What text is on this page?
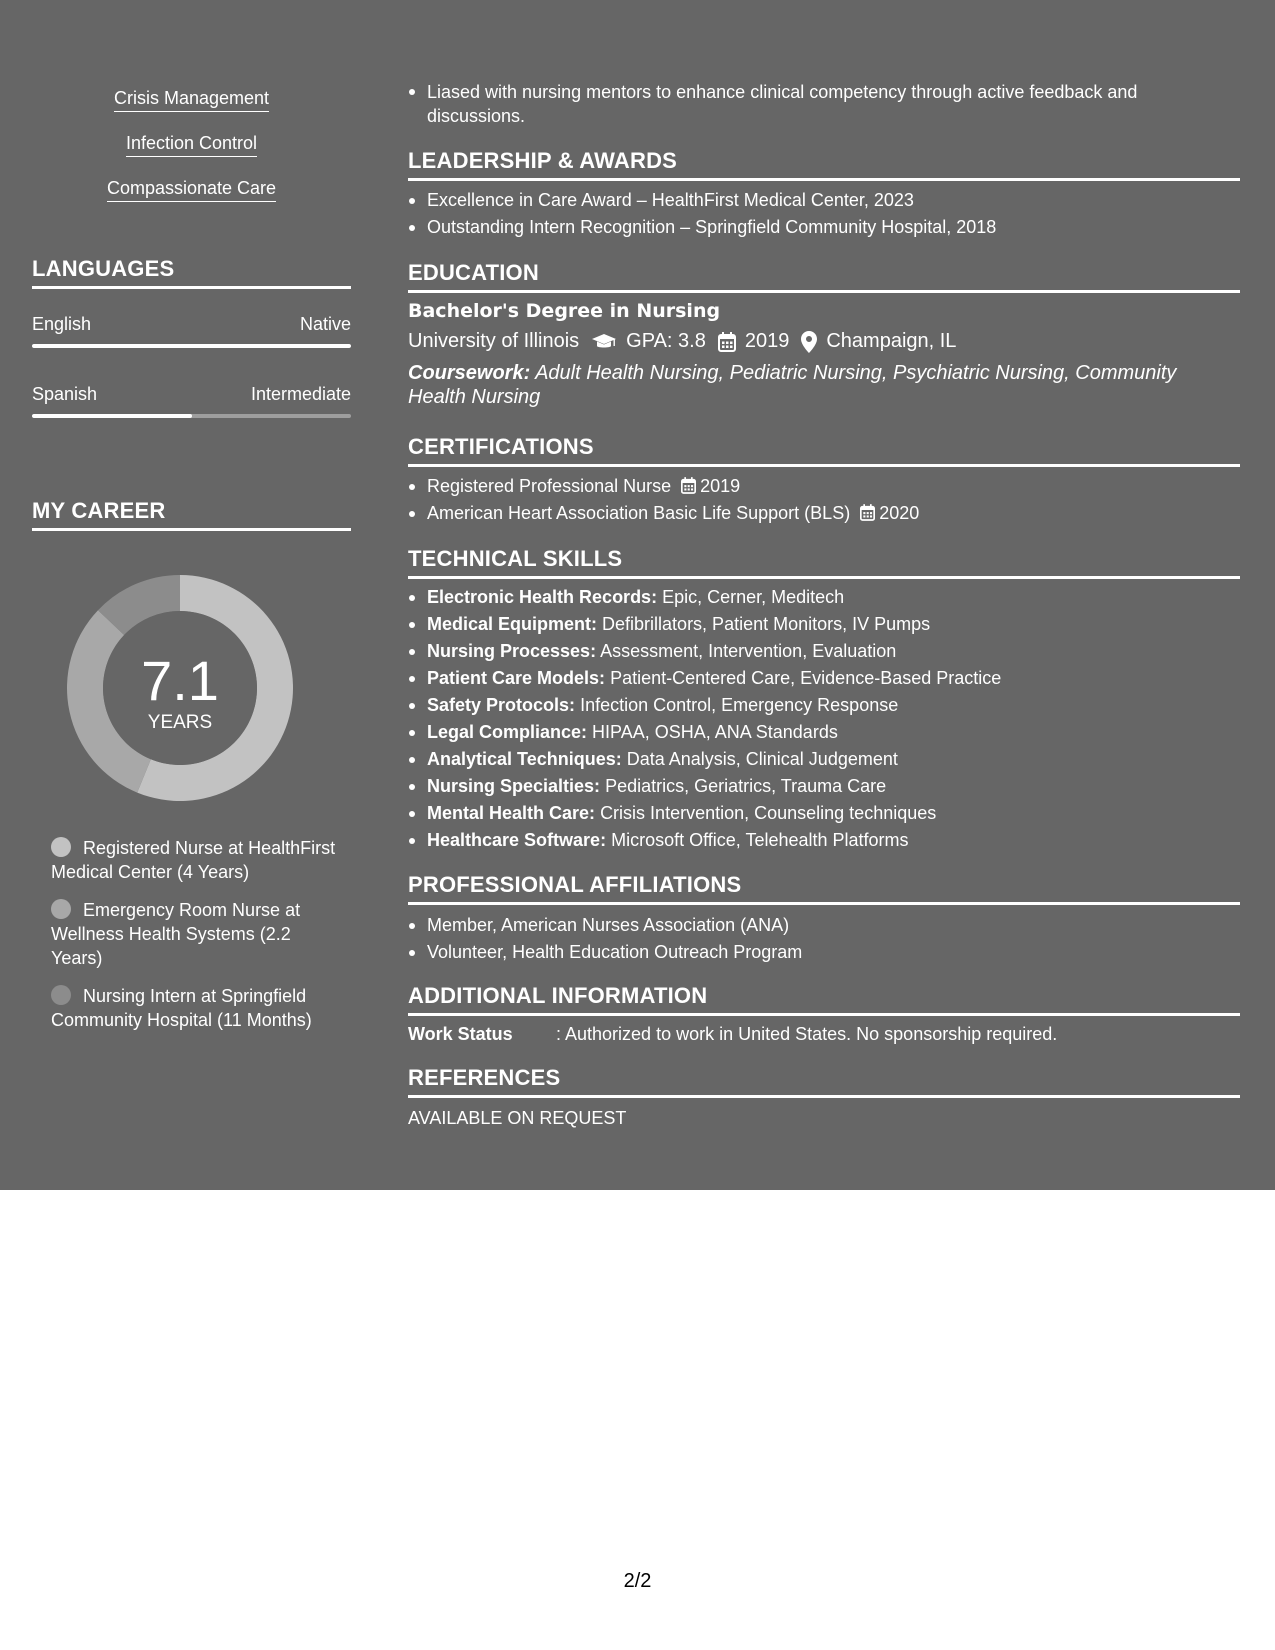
Crisis Management
Infection Control
Compassionate Care
LANGUAGES
English	Native
Spanish	Intermediate
MY CAREER
7.1
YEARS
Registered Nurse at HealthFirst Medical Center (4 Years)
Emergency Room Nurse at Wellness Health Systems (2.2 Years)
Nursing Intern at Springfield Community Hospital (11 Months)
Liased with nursing mentors to enhance clinical competency through active feedback and discussions.
LEADERSHIP & AWARDS
Excellence in Care Award – HealthFirst Medical Center, 2023
Outstanding Intern Recognition – Springfield Community Hospital, 2018
EDUCATION
Bachelor's Degree in Nursing
University of Illinois GPA: 3.8 2019 Champaign, IL
Coursework: Adult Health Nursing, Pediatric Nursing, Psychiatric Nursing, Community Health Nursing
CERTIFICATIONS
Registered Professional Nurse 2019
American Heart Association Basic Life Support (BLS) 2020
TECHNICAL SKILLS
Electronic Health Records: Epic, Cerner, Meditech
Medical Equipment: Defibrillators, Patient Monitors, IV Pumps
Nursing Processes: Assessment, Intervention, Evaluation
Patient Care Models: Patient-Centered Care, Evidence-Based Practice
Safety Protocols: Infection Control, Emergency Response
Legal Compliance: HIPAA, OSHA, ANA Standards
Analytical Techniques: Data Analysis, Clinical Judgement
Nursing Specialties: Pediatrics, Geriatrics, Trauma Care
Mental Health Care: Crisis Intervention, Counseling techniques
Healthcare Software: Microsoft Office, Telehealth Platforms
PROFESSIONAL AFFILIATIONS
Member, American Nurses Association (ANA)
Volunteer, Health Education Outreach Program
ADDITIONAL INFORMATION
Work Status : Authorized to work in United States. No sponsorship required.
REFERENCES
AVAILABLE ON REQUEST
2/2
